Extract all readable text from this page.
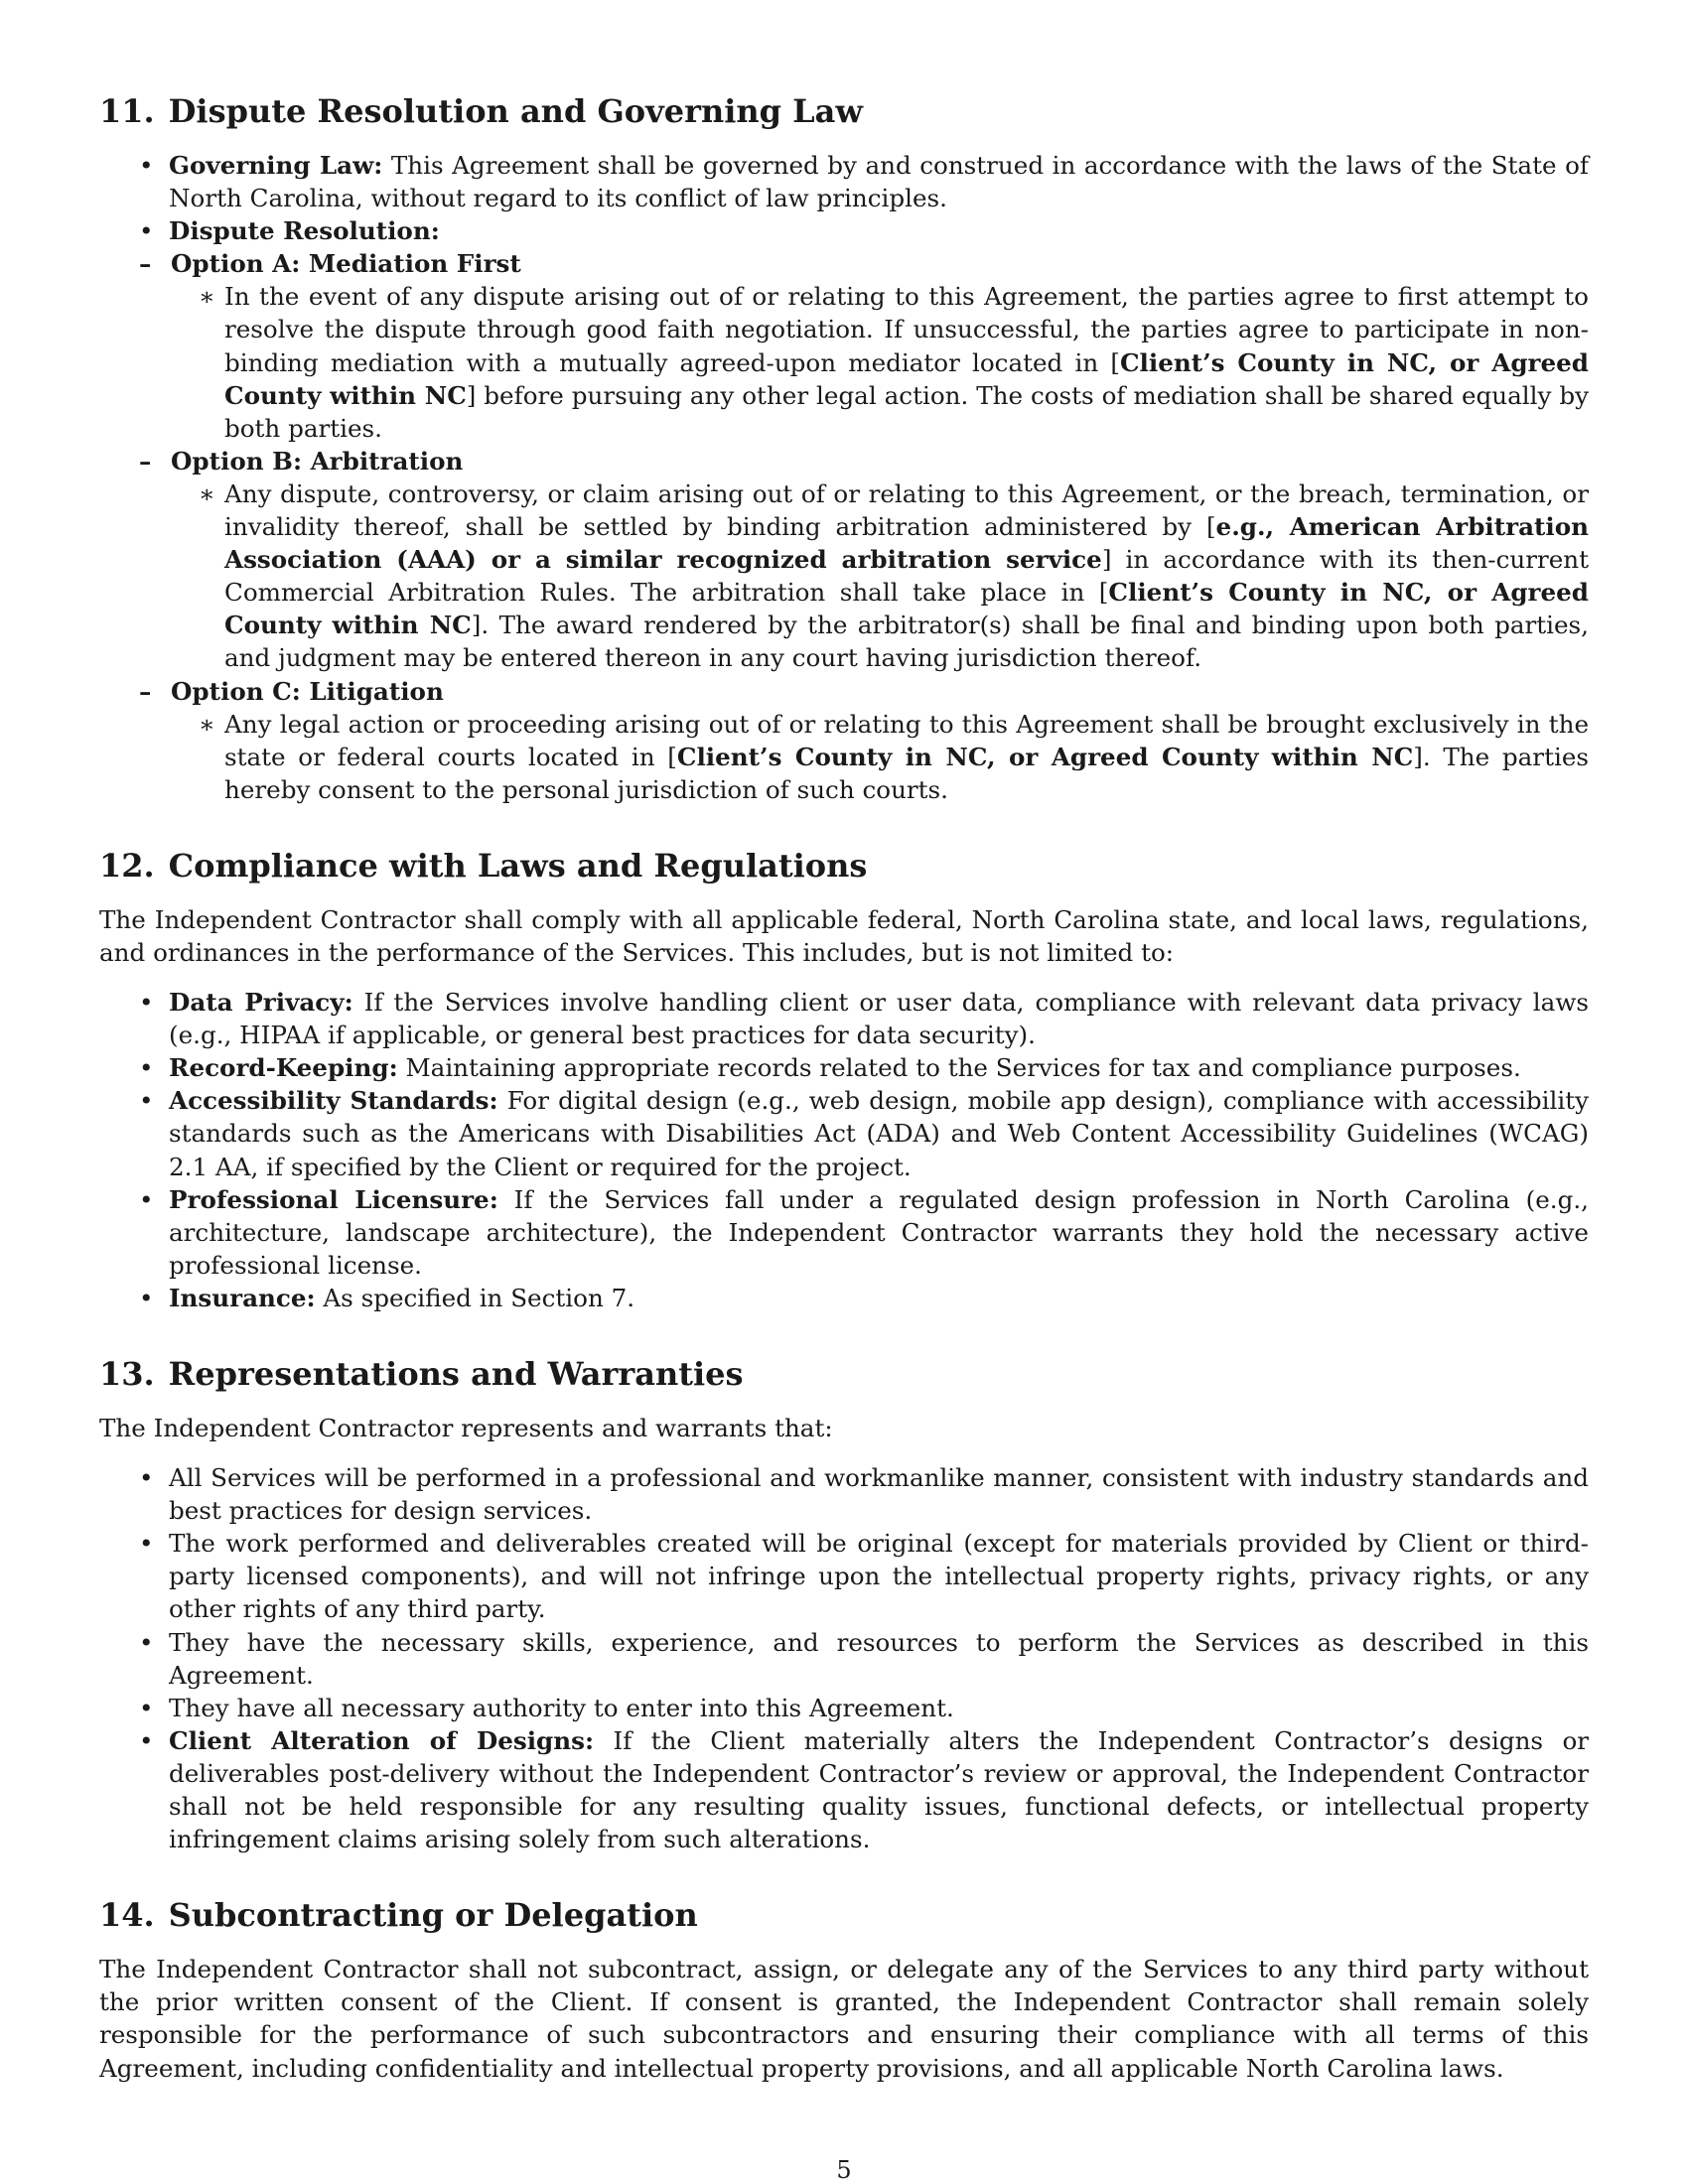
11. Dispute Resolution and Governing Law
• Governing Law: This Agreement shall be governed by and construed in accordance with the laws of the State of North Carolina, without regard to its conflict of law principles.
• Dispute Resolution:
– Option A: Mediation First
∗ In the event of any dispute arising out of or relating to this Agreement, the parties agree to first attempt to resolve the dispute through good faith negotiation. If unsuccessful, the parties agree to participate in non-binding mediation with a mutually agreed-upon mediator located in [Client’s County in NC, or Agreed County within NC] before pursuing any other legal action. The costs of mediation shall be shared equally by both parties.
– Option B: Arbitration
∗ Any dispute, controversy, or claim arising out of or relating to this Agreement, or the breach, termination, or invalidity thereof, shall be settled by binding arbitration administered by [e.g., American Arbitration Association (AAA) or a similar recognized arbitration service] in accordance with its then-current Commercial Arbitration Rules. The arbitration shall take place in [Client’s County in NC, or Agreed County within NC]. The award rendered by the arbitrator(s) shall be final and binding upon both parties, and judgment may be entered thereon in any court having jurisdiction thereof.
– Option C: Litigation
∗ Any legal action or proceeding arising out of or relating to this Agreement shall be brought exclusively in the state or federal courts located in [Client’s County in NC, or Agreed County within NC]. The parties hereby consent to the personal jurisdiction of such courts.
12. Compliance with Laws and Regulations

The Independent Contractor shall comply with all applicable federal, North Carolina state, and local laws, regulations, and ordinances in the performance of the Services. This includes, but is not limited to:

• Data Privacy: If the Services involve handling client or user data, compliance with relevant data privacy laws (e.g., HIPAA if applicable, or general best practices for data security).
• Record-Keeping: Maintaining appropriate records related to the Services for tax and compliance purposes.
• Accessibility Standards: For digital design (e.g., web design, mobile app design), compliance with accessibility standards such as the Americans with Disabilities Act (ADA) and Web Content Accessibility Guidelines (WCAG) 2.1 AA, if specified by the Client or required for the project.
• Professional Licensure: If the Services fall under a regulated design profession in North Carolina (e.g., architecture, landscape architecture), the Independent Contractor warrants they hold the necessary active professional license.
• Insurance: As specified in Section 7.
13. Representations and Warranties

The Independent Contractor represents and warrants that:

• All Services will be performed in a professional and workmanlike manner, consistent with industry standards and best practices for design services.
• The work performed and deliverables created will be original (except for materials provided by Client or third-party licensed components), and will not infringe upon the intellectual property rights, privacy rights, or any other rights of any third party.
• They have the necessary skills, experience, and resources to perform the Services as described in this Agreement.
• They have all necessary authority to enter into this Agreement.
• Client Alteration of Designs: If the Client materially alters the Independent Contractor’s designs or deliverables post-delivery without the Independent Contractor’s review or approval, the Independent Contractor shall not be held responsible for any resulting quality issues, functional defects, or intellectual property infringement claims arising solely from such alterations.
14. Subcontracting or Delegation

The Independent Contractor shall not subcontract, assign, or delegate any of the Services to any third party without the prior written consent of the Client. If consent is granted, the Independent Contractor shall remain solely responsible for the performance of such subcontractors and ensuring their compliance with all terms of this Agreement, including confidentiality and intellectual property provisions, and all applicable North Carolina laws.

5
